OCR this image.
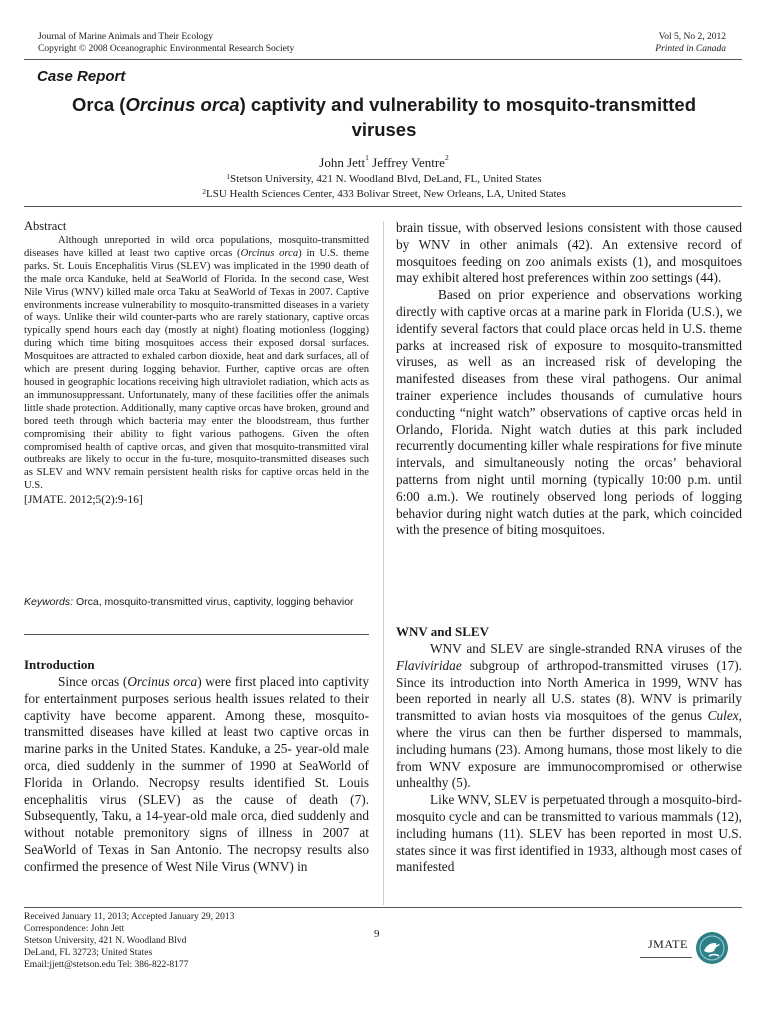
Journal of Marine Animals and Their Ecology
Copyright © 2008 Oceanographic Environmental Research Society
Vol 5, No 2, 2012
Printed in Canada
Case Report
Orca (Orcinus orca) captivity and vulnerability to mosquito-transmitted viruses
John Jett$^1$ Jeffrey Ventre$^2$
$^1$Stetson University, 421 N. Woodland Blvd, DeLand, FL, United States
$^2$LSU Health Sciences Center, 433 Bolivar Street, New Orleans, LA, United States
Abstract

Although unreported in wild orca populations, mosquito-transmitted diseases have killed at least two captive orcas (Orcinus orca) in U.S. theme parks. St. Louis Encephalitis Virus (SLEV) was implicated in the 1990 death of the male orca Kanduke, held at SeaWorld of Florida. In the second case, West Nile Virus (WNV) killed male orca Taku at SeaWorld of Texas in 2007. Captive environments increase vulnerability to mosquito-transmitted diseases in a variety of ways. Unlike their wild counter-parts who are rarely stationary, captive orcas typically spend hours each day (mostly at night) floating motionless (logging) during which time biting mosquitoes access their exposed dorsal surfaces. Mosquitoes are attracted to exhaled carbon dioxide, heat and dark surfaces, all of which are present during logging behavior. Further, captive orcas are often housed in geographic locations receiving high ultraviolet radiation, which acts as an immunosuppressant. Unfortunately, many of these facilities offer the animals little shade protection. Additionally, many captive orcas have broken, ground and bored teeth through which bacteria may enter the bloodstream, thus further compromising their ability to fight various pathogens. Given the often compromised health of captive orcas, and given that mosquito-transmitted viral outbreaks are likely to occur in the fu-ture, mosquito-transmitted diseases such as SLEV and WNV remain persistent health risks for captive orcas held in the U.S.

[JMATE. 2012;5(2):9-16]

Keywords: Orca, mosquito-transmitted virus, captivity, logging behavior
Introduction

Since orcas (Orcinus orca) were first placed into captivity for entertainment purposes serious health issues related to their captivity have become apparent. Among these, mosquito-transmitted diseases have killed at least two captive orcas in marine parks in the United States. Kanduke, a 25- year-old male orca, died suddenly in the summer of 1990 at SeaWorld of Florida in Orlando. Necropsy results identified St. Louis encephalitis virus (SLEV) as the cause of death (7). Subsequently, Taku, a 14-year-old male orca, died suddenly and without notable premonitory signs of illness in 2007 at SeaWorld of Texas in San Antonio. The necropsy results also confirmed the presence of West Nile Virus (WNV) in

brain tissue, with observed lesions consistent with those caused by WNV in other animals (42). An extensive record of mosquitoes feeding on zoo animals exists (1), and mosquitoes may exhibit altered host preferences within zoo settings (44).

Based on prior experience and observations working directly with captive orcas at a marine park in Florida (U.S.), we identify several factors that could place orcas held in U.S. theme parks at increased risk of exposure to mosquito-transmitted viruses, as well as an increased risk of developing the manifested diseases from these viral pathogens. Our animal trainer experience includes thousands of cumulative hours conducting “night watch” observations of captive orcas held in Orlando, Florida. Night watch duties at this park included recurrently documenting killer whale respirations for five minute intervals, and simultaneously noting the orcas’ behavioral patterns from night until morning (typically 10:00 p.m. until 6:00 a.m.). We routinely observed long periods of logging behavior during night watch duties at the park, which coincided with the presence of biting mosquitoes.

WNV and SLEV

WNV and SLEV are single-stranded RNA viruses of the Flaviviridae subgroup of arthropod-transmitted viruses (17). Since its introduction into North America in 1999, WNV has been reported in nearly all U.S. states (8). WNV is primarily transmitted to avian hosts via mosquitoes of the genus Culex, where the virus can then be further dispersed to mammals, including humans (23). Among humans, those most likely to die from WNV exposure are immunocompromised or otherwise unhealthy (5).

Like WNV, SLEV is perpetuated through a mosquito-bird-mosquito cycle and can be transmitted to various mammals (12), including humans (11). SLEV has been reported in most U.S. states since it was first identified in 1933, although most cases of manifested

Received January 11, 2013; Accepted January 29, 2013
Correspondence: John Jett
Stetson University, 421 N. Woodland Blvd
DeLand, FL 32723; United States
Email:jjett@stetson.edu Tel: 386-822-8177
9
JMATE
